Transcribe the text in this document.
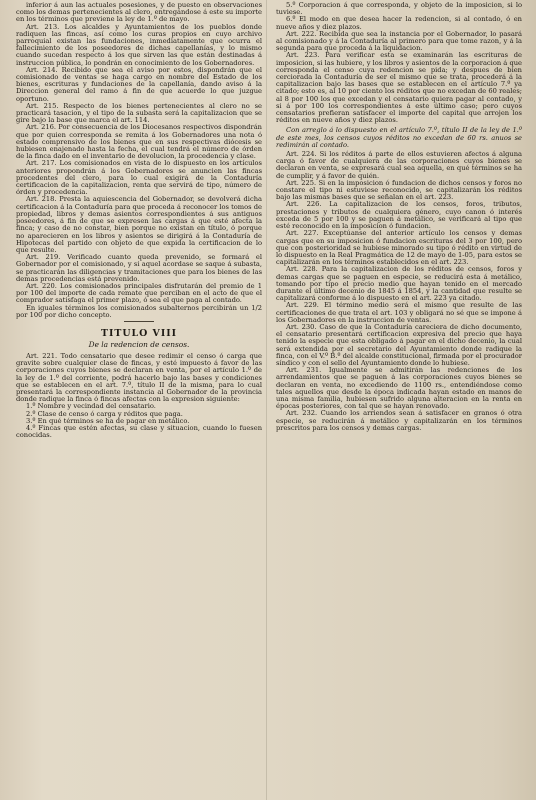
inferior á aun las actuales posesiones, y de puesto en observaciones como los demas pertenecientes al clero, entregándose á este su importe en los términos que previene la ley de 1.º de mayo.

Art. 213. Los alcaldes y Ayuntamientos de los pueblos donde radiquen las fincas, así como los curas propios en cuyo archivo parroquial existan las fundaciones, inmediatamente que ocurra el fallecimiento de los poseedores de dichas capellanías, y lo mismo cuando sucedan respecto á los que sirven las que están destinadas á instruccion pública, lo pondrán en conocimiento de los Gobernadores.

Art. 214. Recibido que sea el aviso por estos, dispondrán que el comisionado de ventas se haga cargo en nombre del Estado de los bienes, escrituras y fundaciones de la capellanía, dando aviso á la Direccion general del ramo á fin de que acuerde lo que juzgue oportuno.

Art. 215. Respecto de los bienes pertenecientes al clero no se practicará tasacion, y el tipo de la subasta será la capitalizacion que se gire bajo la base que marca el art. 114.

Art. 216. Por consecuencia de los Diocesanos respectivos dispondrán que por quien corresponda se remita á los Gobernadores una nota ó estado comprensivo de los bienes que en sus respectivas diócesis se hubiesen enajenado hasta la fecha, el cual tendrá el número de órden de la finca dado en el inventario de devolucion, la procedencia y clase.

Art. 217. Los comisionados en vista de lo dispuesto en los artículos anteriores propondrán á los Gobernadores se anuncien las fincas procedentes del clero, para lo cual exigirá de la Contaduría certificacion de la capitalizacion, renta que servirá de tipo, número de órden y procedencia.

Art. 218. Presta la aquiescencia del Gobernador, se devolverá dicha certificacion á la Contaduría para que proceda á reconocer los tomos de propiedad, libros y demas asientos correspondientes á sus antiguos poseedores, á fin de que se expresen las cargas á que esté afecta la finca; y caso de no constar, bien porque no existan en título, ó porque no aparecieren en los libros y asientos se dirigirá á la Contaduría de Hipotecas del partido con objeto de que expida la certificacion de lo que resulte.

Art. 219. Verificado cuanto queda prevenido, se formará el Gobernador por el comisionado, y si aquel acordase se saque á subasta, se practicarán las diligencias y tramitaciones que para los bienes de las demas procedencias está prevenido.

Art. 220. Los comisionados principales disfrutarán del premio de 1 por 100 del importe de cada remate que perciban en el acto de que el comprador satisfaga el primer plazo, ó sea el que paga al contado.

En iguales términos los comisionados subalternos percibirán un 1/2 por 100 por dicho concepto.

TITULO VIII

De la redencion de censos.

Art. 221. Todo censatario que desee redimir el censo ó carga que gravite sobre cualquier clase de fincas, y esté impuesto á favor de las corporaciones cuyos bienes se declaran en venta, por el artículo 1.º de la ley de 1.º del corriente, podrá hacerlo bajo las bases y condiciones que se establecen en el art. 7.º, título II de la misma, para lo cual presentará la correspondiente instancia al Gobernador de la provincia donde radique la finca ó fincas afectas con la expresion siguiente:

1.º Nombre y vecindad del censatario.

2.º Clase de censo ó carga y réditos que paga.

3.º En qué términos se ha de pagar en metálico.

4.º Fincas que estén afectas, su clase y situacion, cuando lo fuesen conocidas.

5.º Corporacion á que corresponda, y objeto de la imposicion, si lo tuviese.

6.º El modo en que desea hacer la redencion, si al contado, ó en nueve años y diez plazos.

Art. 222. Recibida que sea la instancia por el Gobernador, lo pasará al comisionado y á la Contaduría al primero para que tome razon, y á la segunda para que proceda á la liquidacion.

Art. 223. Para verificar esta se examinarán las escrituras de imposicion, si las hubiere, y los libros y asientos de la corporacion á que corresponda el censo cuya redencion se pida; y despues de bien cerciorada la Contaduría de ser el mismo que se trata, procederá á la capitalizacion bajo las bases que se establecen en el artículo 7.º ya citado; esto es, al 10 por ciento los réditos que no excedan de 60 reales; al 8 por 100 los que excedan y el censatario quiera pagar al contado, y si á por 100 los correspondientes á este último caso; pero cuyos censatarios prefieran satisfacer el importe del capital que arrojen los réditos en nueve años y diez plazos.

Con arreglo á lo dispuesto en el artículo 7.º, título II de la ley de 1.º de este mes, los censos cuyos réditos no excedan de 60 rs. anuos se redimirán al contado.

Art. 224. Si los réditos á parte de ellos estuvieren afectos á alguna carga ó favor de cualquiera de las corporaciones cuyos bienes se declaran en venta, se expresará cual sea aquella, en qué términos se ha de cumplir, y á favor de quién.

Art. 225. Si en la imposicion ó fundacion de dichos censos y foros no constare el tipo ni estuviese reconocido, se capitalizarán los réditos bajo las mismas bases que se señalan en el art. 223.

Art. 226. La capitalizacion de los censos, foros, tributos, prestaciones y tributos de cualquiera género, cuyo canon ó interés exceda de 5 por 100 y se paguen á metálico, se verificará al tipo que esté reconocido en la imposicion ó fundacion.

Art. 227. Exceptúanse del anterior artículo los censos y demas cargas que en su imposicion ó fundacion escrituras del 3 por 100, pero que con posterioridad se hubiese minorado su tipo ó rédito en virtud de lo dispuesto en la Real Pragmática de 12 de mayo de 1-05, para estos se capitalizarán en los términos establecidos en el art. 223.

Art. 228. Para la capitalizacion de los réditos de censos, foros y demas cargas que se paguen en especie, se reducirá esta á metálico, tomando por tipo el precio medio que hayan tenido en el mercado durante el último decenio de 1845 á 1854, y la cantidad que resulte se capitalizará conforme á lo dispuesto en el art. 223 ya citado.

Art. 229. El término medio será el mismo que resulte de las certificaciones de que trata el art. 103 y obligará no sé que se impone á los Gobernadores en la instruccion de ventas.

Art. 230. Caso de que la Contaduría careciera de dicho documento, el censatario presentará certificacion expresiva del precio que haya tenido la especie que esta obligado á pagar en el dicho decenio, la cual será extendida por el secretario del Ayuntamiento donde radique la finca, con el V.º B.º del alcalde constitucional, firmada por el procurador síndico y con el sello del Ayuntamiento donde lo hubiese.

Art. 231. Igualmente se admitirán las redenciones de los arrendamientos que se paguen á las corporaciones cuyos bienes se declaran en venta, no excediendo de 1100 rs., entendiéndose como tales aquellos que desde la época indicada hayan estado en manos de una misma familia, hubiesen sufrido alguna alteracion en la renta en épocas posteriores, con tal que se hayan renovado.

Art. 232. Cuando los arriendos sean á satisfacer en granos ó otra especie, se reducirán á metálico y capitalizarán en los términos prescritos para los censos y demas cargas.
